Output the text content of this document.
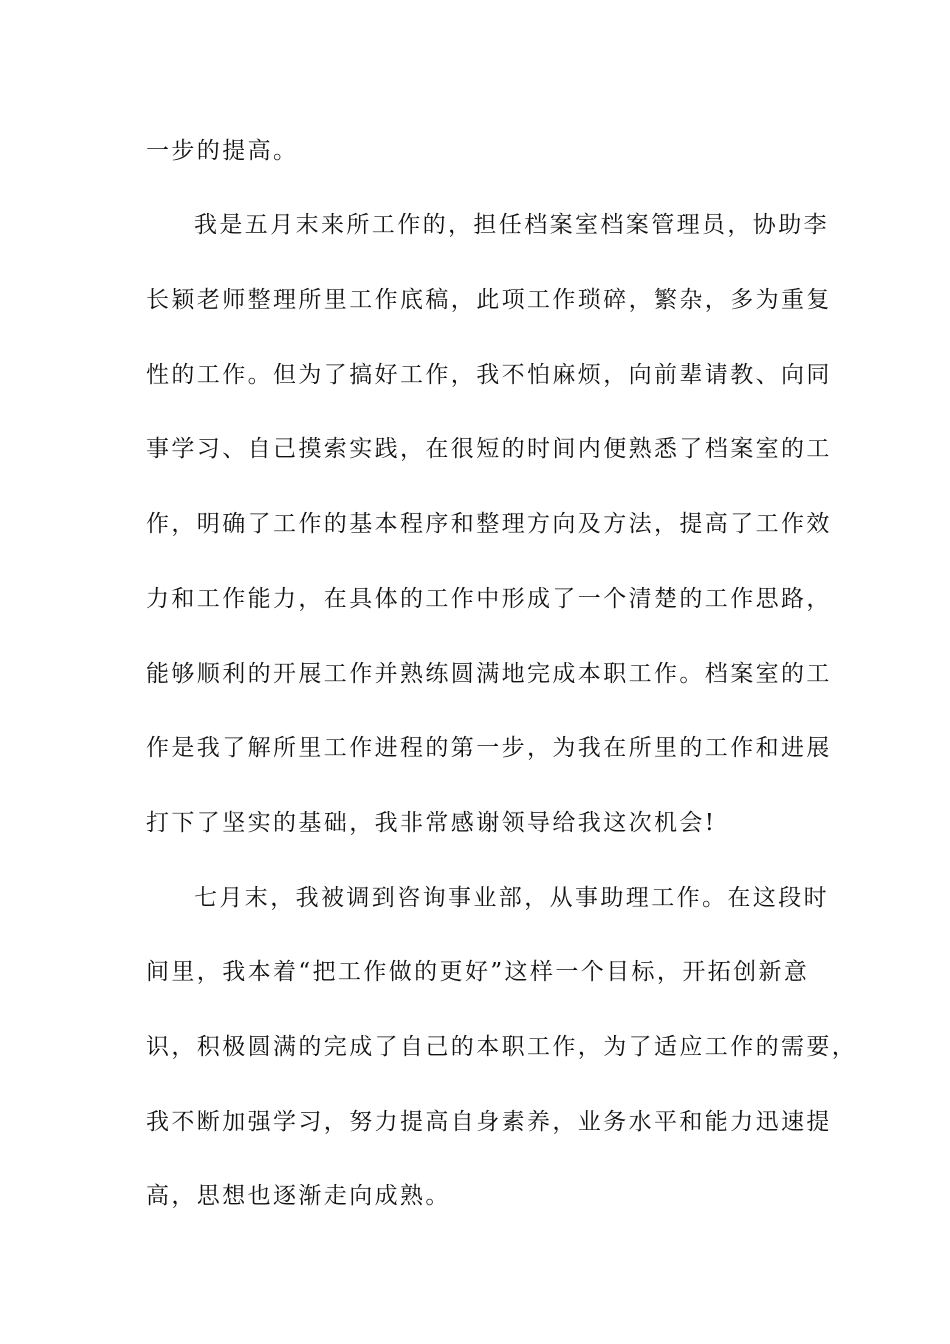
一步的提高。

我是五月末来所工作的，担任档案室档案管理员，协助李

长颖老师整理所里工作底稿，此项工作琐碎，繁杂，多为重复

性的工作。但为了搞好工作，我不怕麻烦，向前辈请教、向同

事学习、自己摸索实践，在很短的时间内便熟悉了档案室的工

作，明确了工作的基本程序和整理方向及方法，提高了工作效

力和工作能力，在具体的工作中形成了一个清楚的工作思路，

能够顺利的开展工作并熟练圆满地完成本职工作。档案室的工

作是我了解所里工作进程的第一步，为我在所里的工作和进展

打下了坚实的基础，我非常感谢领导给我这次机会!

七月末，我被调到咨询事业部，从事助理工作。在这段时

间里，我本着“把工作做的更好”这样一个目标，开拓创新意

识，积极圆满的完成了自己的本职工作，为了适应工作的需要，

我不断加强学习，努力提高自身素养，业务水平和能力迅速提

高，思想也逐渐走向成熟。
